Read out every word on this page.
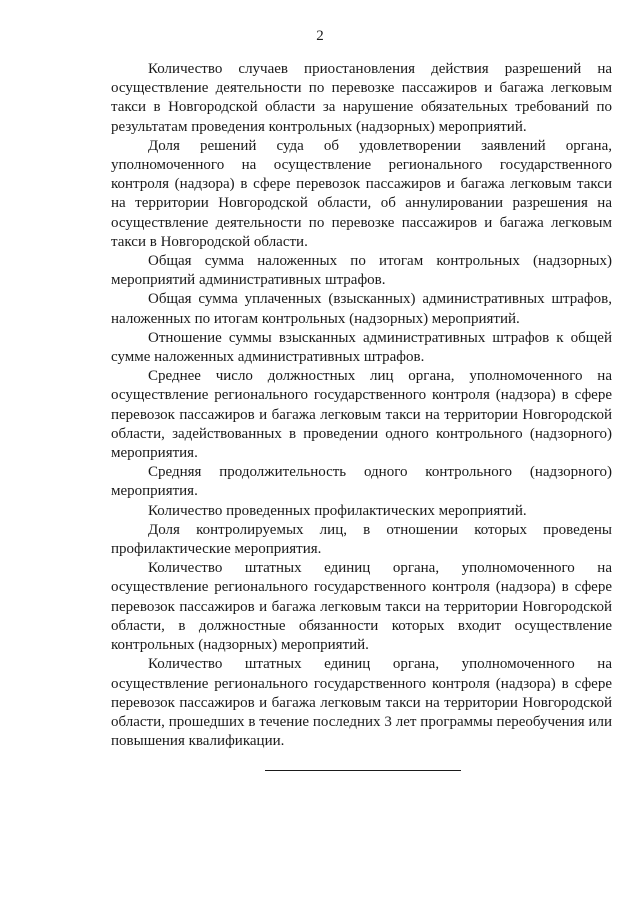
2

Количество случаев приостановления действия разрешений на осуществление деятельности по перевозке пассажиров и багажа легковым такси в Новгородской области за нарушение обязательных требований по результатам проведения контрольных (надзорных) мероприятий.

Доля решений суда об удовлетворении заявлений органа, уполномоченного на осуществление регионального государственного контроля (надзора) в сфере перевозок пассажиров и багажа легковым такси на территории Новгородской области, об аннулировании разрешения на осуществление деятельности по перевозке пассажиров и багажа легковым такси в Новгородской области.

Общая сумма наложенных по итогам контрольных (надзорных) мероприятий административных штрафов.

Общая сумма уплаченных (взысканных) административных штрафов, наложенных по итогам контрольных (надзорных) мероприятий.

Отношение суммы взысканных административных штрафов к общей сумме наложенных административных штрафов.

Среднее число должностных лиц органа, уполномоченного на осуществление регионального государственного контроля (надзора) в сфере перевозок пассажиров и багажа легковым такси на территории Новгородской области, задействованных в проведении одного контрольного (надзорного) мероприятия.

Средняя продолжительность одного контрольного (надзорного) мероприятия.

Количество проведенных профилактических мероприятий.

Доля контролируемых лиц, в отношении которых проведены профилактические мероприятия.

Количество штатных единиц органа, уполномоченного на осуществление регионального государственного контроля (надзора) в сфере перевозок пассажиров и багажа легковым такси на территории Новгородской области, в должностные обязанности которых входит осуществление контрольных (надзорных) мероприятий.

Количество штатных единиц органа, уполномоченного на осуществление регионального государственного контроля (надзора) в сфере перевозок пассажиров и багажа легковым такси на территории Новгородской области, прошедших в течение последних 3 лет программы переобучения или повышения квалификации.
